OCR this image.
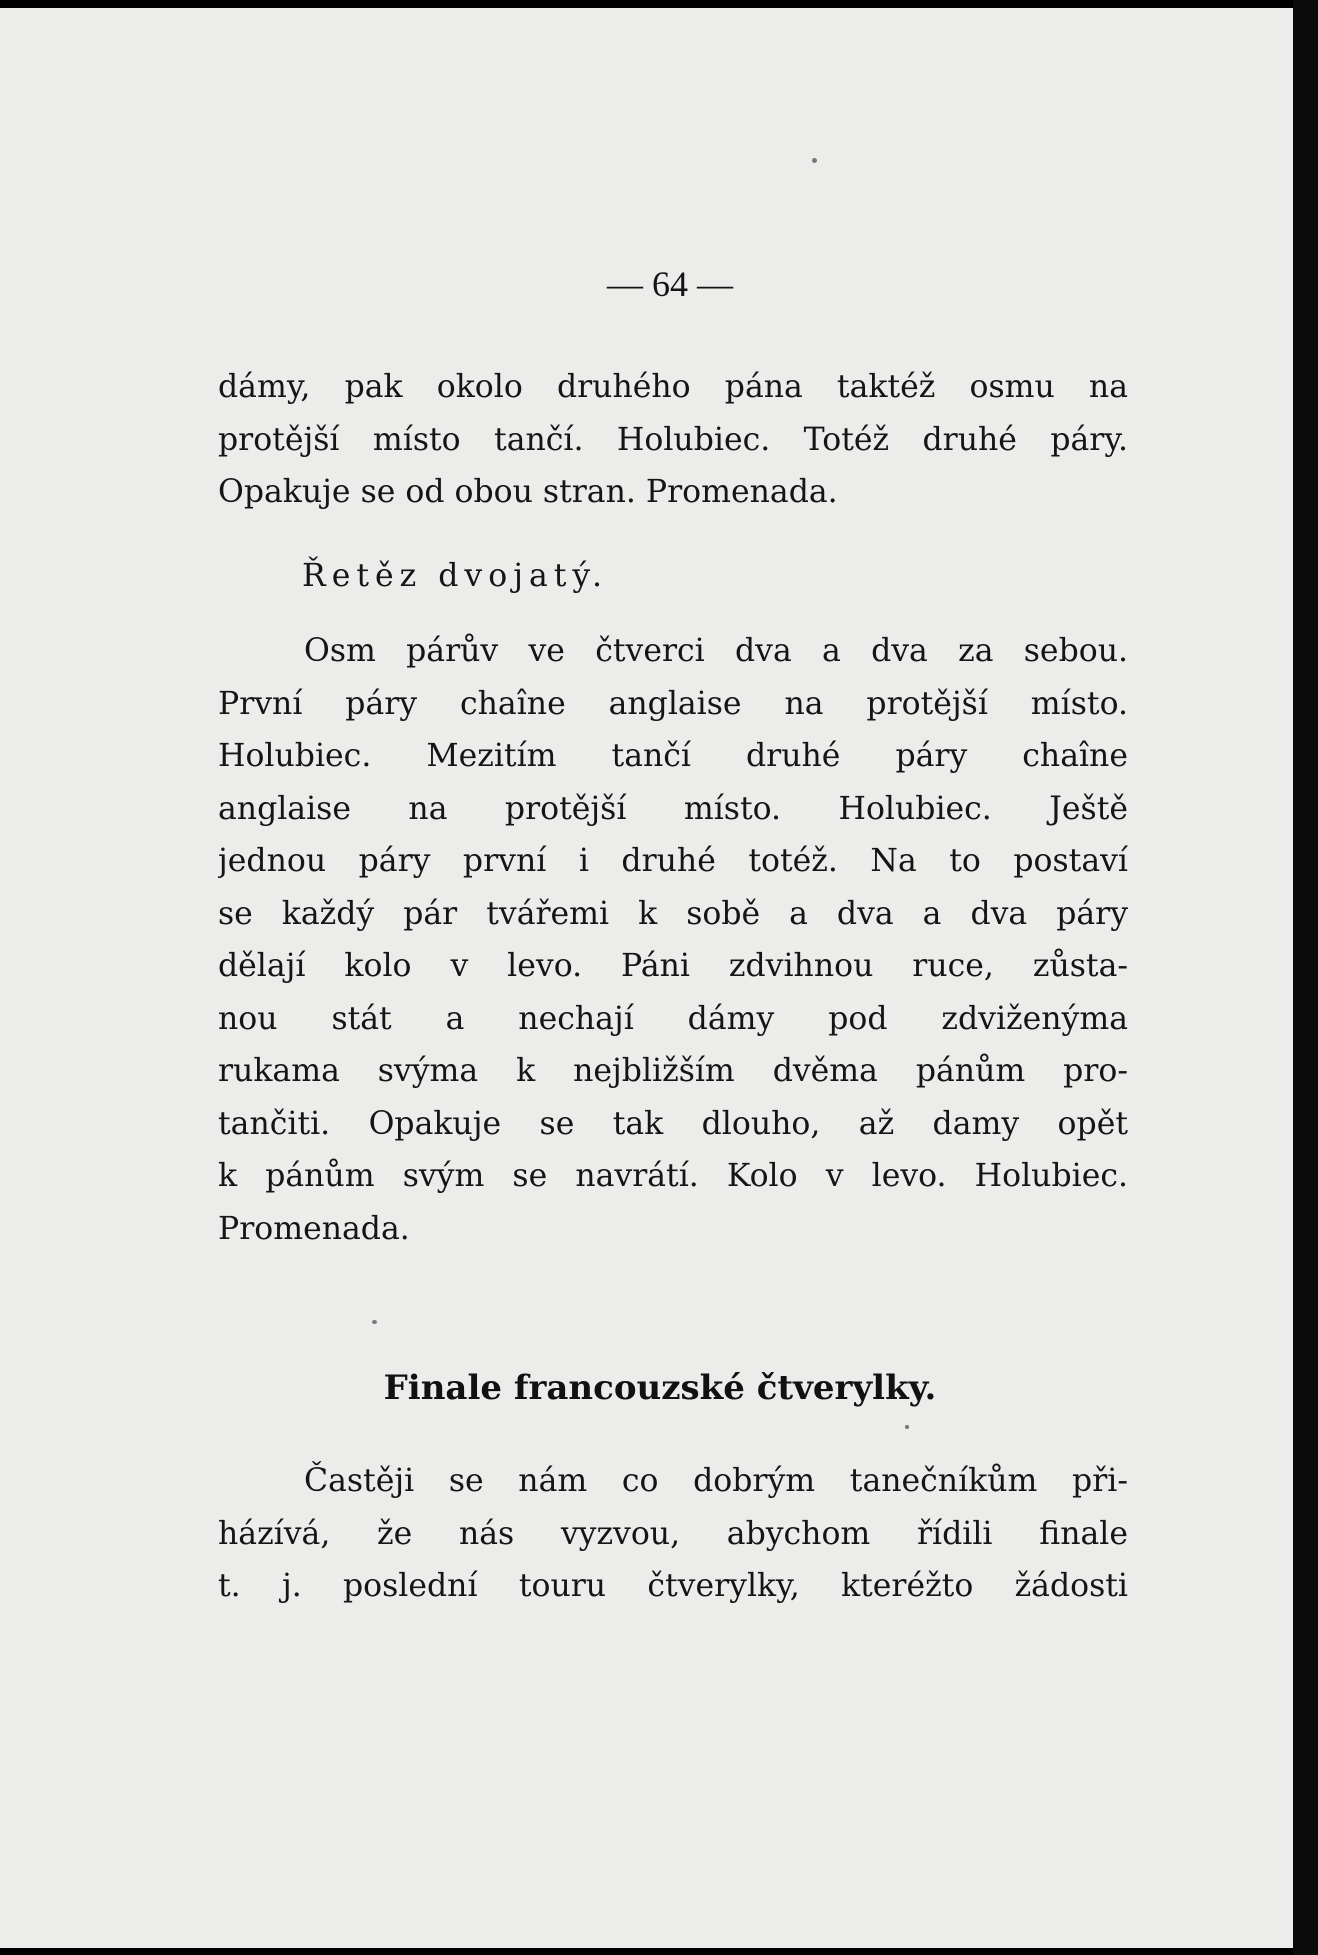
— 64 —
dámy, pak okolo druhého pána taktéž osmu na
protější místo tančí. Holubiec. Totéž druhé páry.
Opakuje se od obou stran. Promenada.
Řetěz dvojatý.
Osm párův ve čtverci dva a dva za sebou.
První páry chaîne anglaise na protější místo.
Holubiec. Mezitím tančí druhé páry chaîne
anglaise na protější místo. Holubiec. Ještě
jednou páry první i druhé totéž. Na to postaví
se každý pár tvářemi k sobě a dva a dva páry
dělají kolo v levo. Páni zdvihnou ruce, zůsta-
nou stát a nechají dámy pod zdviženýma
rukama svýma k nejbližším dvěma pánům pro-
tančiti. Opakuje se tak dlouho, až damy opět
k pánům svým se navrátí. Kolo v levo. Holubiec.
Promenada.
Finale francouzské čtverylky.
Častěji se nám co dobrým tanečníkům při-
házívá, že nás vyzvou, abychom řídili finale
t. j. poslední touru čtverylky, kteréžto žádosti
